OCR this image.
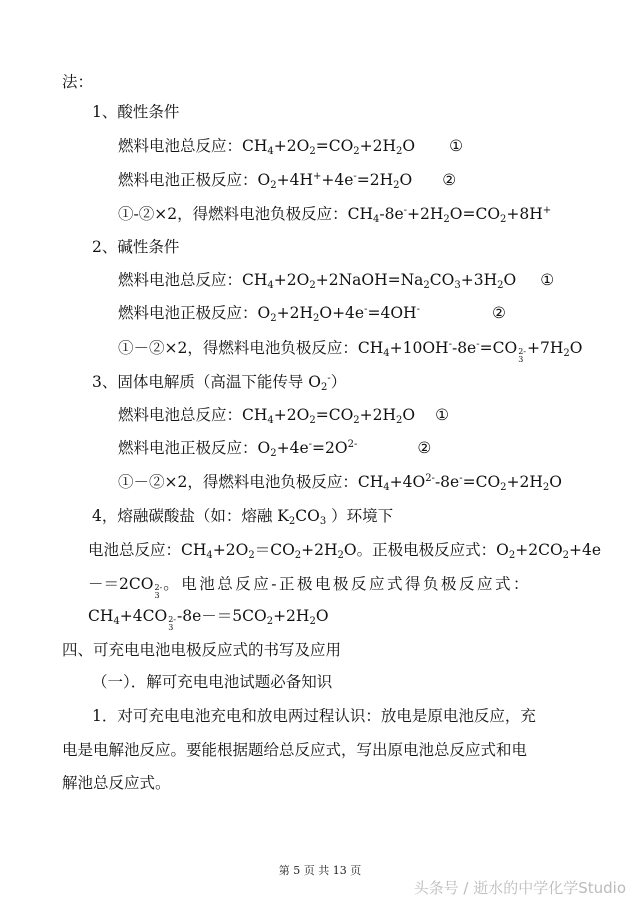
法：
1、酸性条件
燃料电池总反应：$CH_4+2O_2=CO_2+2H_2O$ ①
燃料电池正极反应：$O_2+4H^++4e^-=2H_2O$ ②
①-②×2，得燃料电池负极反应：$CH_4-8e^-+2H_2O=CO_2+8H^+$
2、碱性条件
燃料电池总反应：$CH_4+2O_2+2NaOH=Na_2CO_3+3H_2O$ ①
燃料电池正极反应：$O_2+2H_2O+4e^-=4OH^-$	②
①－②×2，得燃料电池负极反应：$CH_4+10OH^--8e^-=CO$ 2-
3
$+7H_2O$
3、固体电解质（高温下能传导 $O_2^-$）
燃料电池总反应：$CH_4+2O_2=CO_2+2H_2O$ ①
燃料电池正极反应：$O_2+4e^-=2O^{2-}$	②
①－②×2，得燃料电池负极反应：$CH_4+4O^{2-}-8e^-=CO_2+2H_2O$
4，熔融碳酸盐（如：熔融 $K_2CO_3$ ）环境下
电池总反应：$CH_4+2O_2=CO_2+2H_2O$。正极电极反应式：$O_2+2CO_2+4e$
－＝2CO 2-
3
。电池总反应-正极电极反应式得负极反应式：
$CH_4+4CO$ 2-
3
$-8e-=5CO_2+2H_2O$
四、可充电电池电极反应式的书写及应用
（一）．解可充电电池试题必备知识
1．对可充电电池充电和放电两过程认识：放电是原电池反应，充
电是电解池反应。要能根据题给总反应式，写出原电池总反应式和电
解池总反应式。
第 5 页 共 13 页
头条号 / 逝水的中学化学Studio
